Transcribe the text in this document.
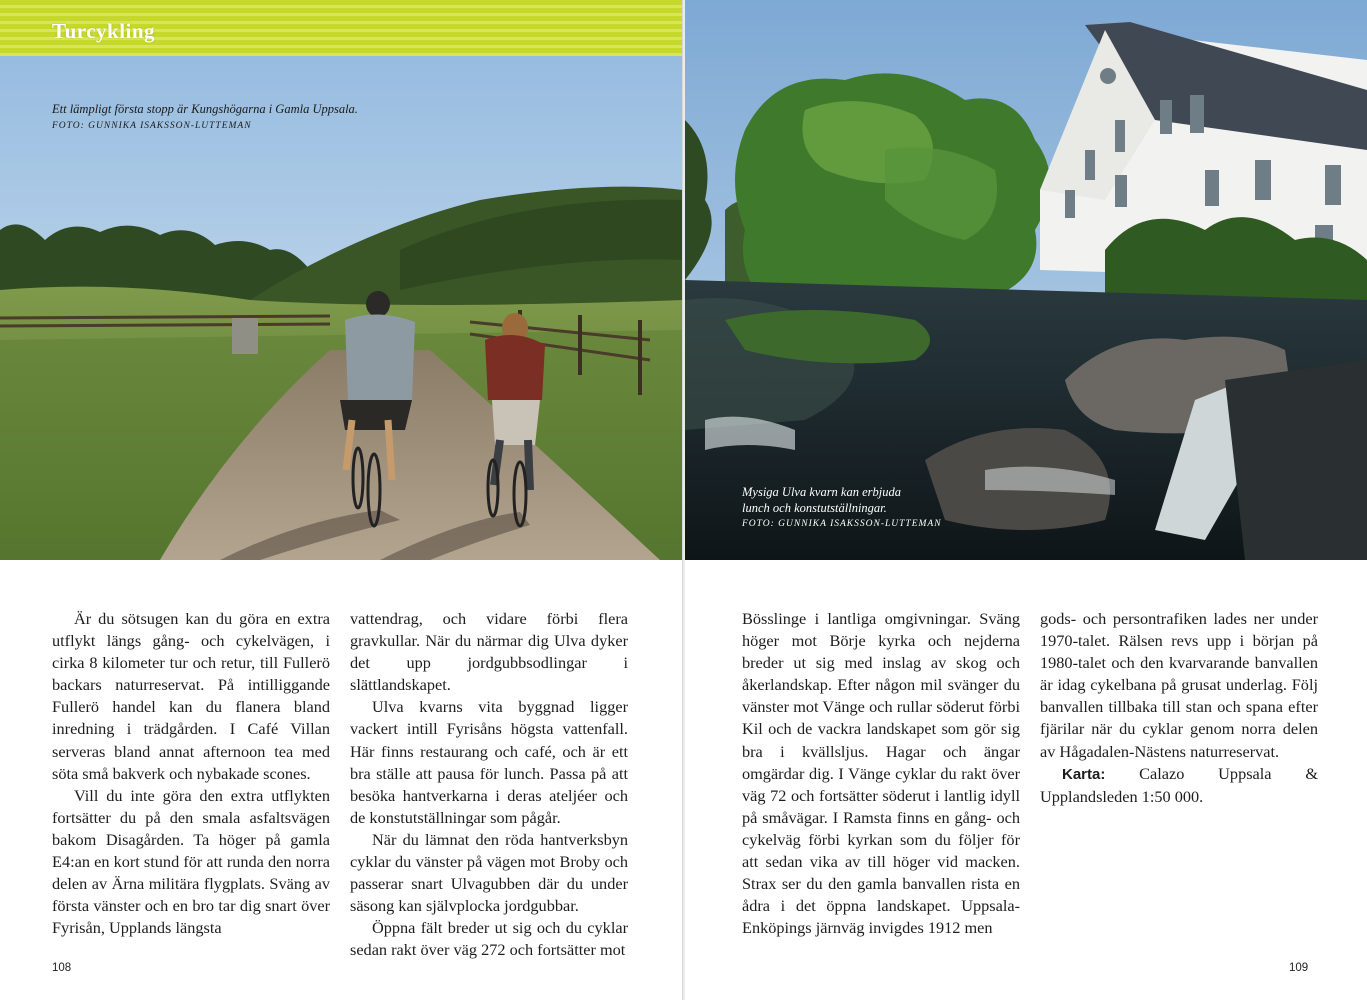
Turcykling
Ett lämpligt första stopp är Kungshögarna i Gamla Uppsala.
FOTO: GUNNIKA ISAKSSON-LUTTEMAN

Är du sötsugen kan du göra en extra utflykt längs gång- och cykelvägen, i cirka 8 kilometer tur och retur, till Fullerö backars naturreservat. På intilliggande Fullerö handel kan du flanera bland inredning i trädgården. I Café Villan serveras bland annat afternoon tea med söta små bakverk och nybakade scones.

Vill du inte göra den extra utflykten fortsätter du på den smala asfaltsvägen bakom Disagården. Ta höger på gamla E4:an en kort stund för att runda den norra delen av Ärna militära flygplats. Sväng av första vänster och en bro tar dig snart över Fyrisån, Upplands längsta

vattendrag, och vidare förbi flera gravkullar. När du närmar dig Ulva dyker det upp jordgubbsodlingar i slättlandskapet.

Ulva kvarns vita byggnad ligger vackert intill Fyrisåns högsta vattenfall. Här finns restaurang och café, och är ett bra ställe att pausa för lunch. Passa på att besöka hantverkarna i deras ateljéer och de konstutställningar som pågår.

När du lämnat den röda hantverksbyn cyklar du vänster på vägen mot Broby och passerar snart Ulvagubben där du under säsong kan självplocka jordgubbar.

Öppna fält breder ut sig och du cyklar sedan rakt över väg 272 och fortsätter mot

108
Mysiga Ulva kvarn kan erbjuda
lunch och konstutställningar.
FOTO: GUNNIKA ISAKSSON-LUTTEMAN

Bösslinge i lantliga omgivningar. Sväng höger mot Börje kyrka och nejderna breder ut sig med inslag av skog och åkerlandskap. Efter någon mil svänger du vänster mot Vänge och rullar söderut förbi Kil och de vackra landskapet som gör sig bra i kvällsljus. Hagar och ängar omgärdar dig. I Vänge cyklar du rakt över väg 72 och fortsätter söderut i lantlig idyll på småvägar. I Ramsta finns en gång- och cykelväg förbi kyrkan som du följer för att sedan vika av till höger vid macken. Strax ser du den gamla banvallen rista en ådra i det öppna landskapet. Uppsala-Enköpings järnväg invigdes 1912 men

gods- och persontrafiken lades ner under 1970-talet. Rälsen revs upp i början på 1980-talet och den kvarvarande banvallen är idag cykelbana på grusat underlag. Följ banvallen tillbaka till stan och spana efter fjärilar när du cyklar genom norra delen av Hågadalen-Nästens naturreservat.

Karta: Calazo Uppsala & Upplandsleden 1:50 000.

109
